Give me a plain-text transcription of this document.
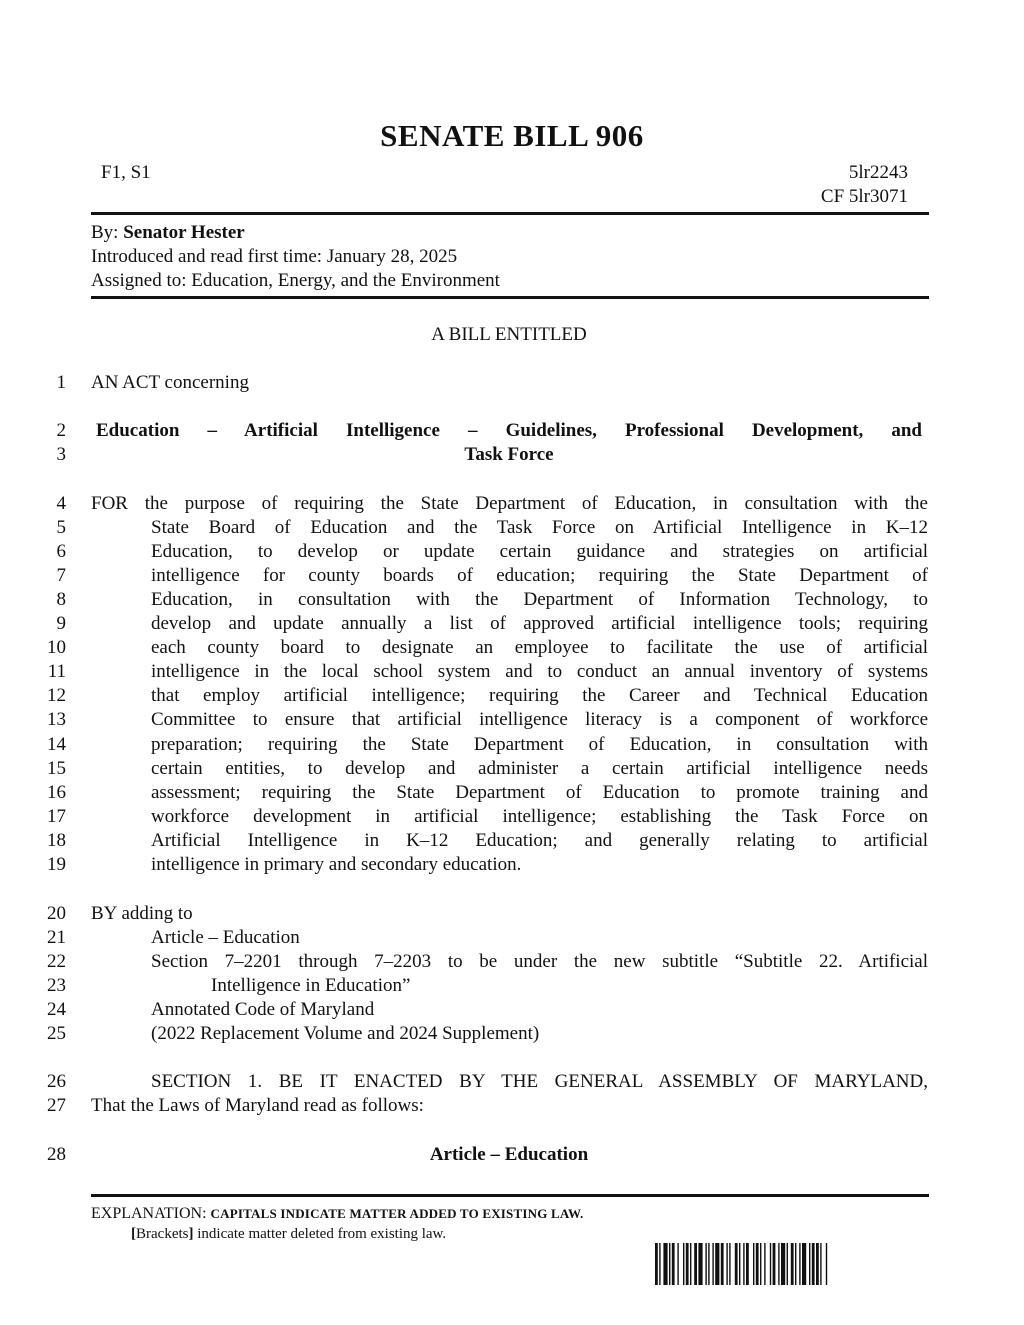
SENATE BILL 906
F1, S1	5lr2243
CF 5lr3071
By: Senator Hester
Introduced and read first time: January 28, 2025
Assigned to: Education, Energy, and the Environment
A BILL ENTITLED
1
2
3
4
5
6
7
8
9
10
11
12
13
14
15
16
17
18
19
20
21
22
23
24
25
26
27
28
AN ACT concerning
Education – Artificial Intelligence – Guidelines, Professional Development, and
Task Force
FOR the purpose of requiring the State Department of Education, in consultation with the
State Board of Education and the Task Force on Artificial Intelligence in K–12
Education, to develop or update certain guidance and strategies on artificial
intelligence for county boards of education; requiring the State Department of
Education, in consultation with the Department of Information Technology, to
develop and update annually a list of approved artificial intelligence tools; requiring
each county board to designate an employee to facilitate the use of artificial
intelligence in the local school system and to conduct an annual inventory of systems
that employ artificial intelligence; requiring the Career and Technical Education
Committee to ensure that artificial intelligence literacy is a component of workforce
preparation; requiring the State Department of Education, in consultation with
certain entities, to develop and administer a certain artificial intelligence needs
assessment; requiring the State Department of Education to promote training and
workforce development in artificial intelligence; establishing the Task Force on
Artificial Intelligence in K–12 Education; and generally relating to artificial
intelligence in primary and secondary education.
BY adding to
Article – Education
Section 7–2201 through 7–2203 to be under the new subtitle “Subtitle 22. Artificial
Intelligence in Education”
Annotated Code of Maryland
(2022 Replacement Volume and 2024 Supplement)
SECTION 1. BE IT ENACTED BY THE GENERAL ASSEMBLY OF MARYLAND,
That the Laws of Maryland read as follows:
Article – Education
EXPLANATION: CAPITALS INDICATE MATTER ADDED TO EXISTING LAW.
[Brackets] indicate matter deleted from existing law.
